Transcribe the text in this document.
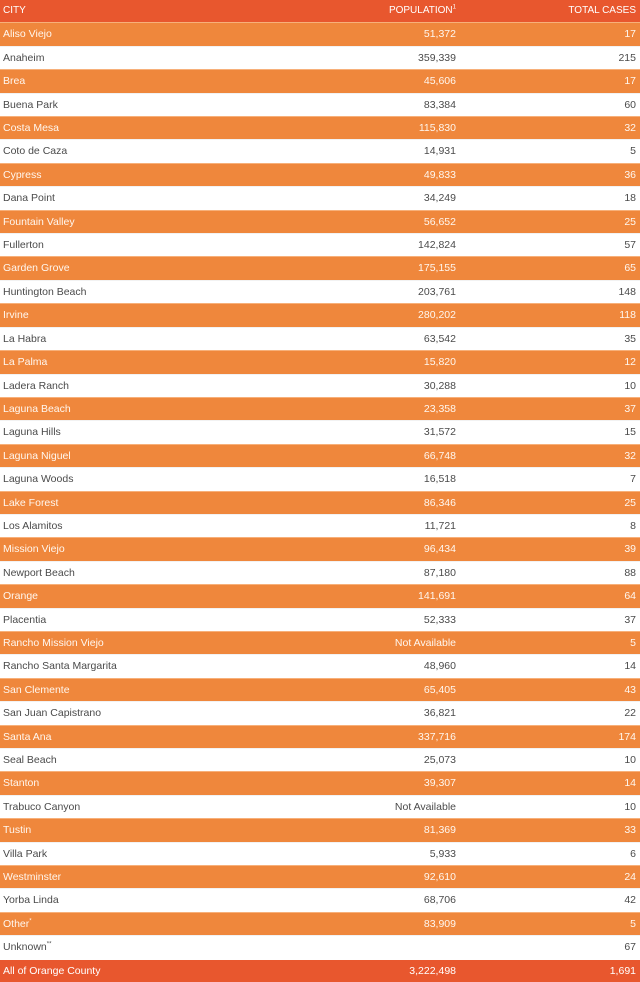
CITY	POPULATION$^1$	TOTAL CASES
Aliso Viejo	51,372	17
Anaheim	359,339	215
Brea	45,606	17
Buena Park	83,384	60
Costa Mesa	115,830	32
Coto de Caza	14,931	5
Cypress	49,833	36
Dana Point	34,249	18
Fountain Valley	56,652	25
Fullerton	142,824	57
Garden Grove	175,155	65
Huntington Beach	203,761	148
Irvine	280,202	118
La Habra	63,542	35
La Palma	15,820	12
Ladera Ranch	30,288	10
Laguna Beach	23,358	37
Laguna Hills	31,572	15
Laguna Niguel	66,748	32
Laguna Woods	16,518	7
Lake Forest	86,346	25
Los Alamitos	11,721	8
Mission Viejo	96,434	39
Newport Beach	87,180	88
Orange	141,691	64
Placentia	52,333	37
Rancho Mission Viejo	Not Available	5
Rancho Santa Margarita	48,960	14
San Clemente	65,405	43
San Juan Capistrano	36,821	22
Santa Ana	337,716	174
Seal Beach	25,073	10
Stanton	39,307	14
Trabuco Canyon	Not Available	10
Tustin	81,369	33
Villa Park	5,933	6
Westminster	92,610	24
Yorba Linda	68,706	42
Other*	83,909	5
Unknown**		67
All of Orange County	3,222,498	1,691
